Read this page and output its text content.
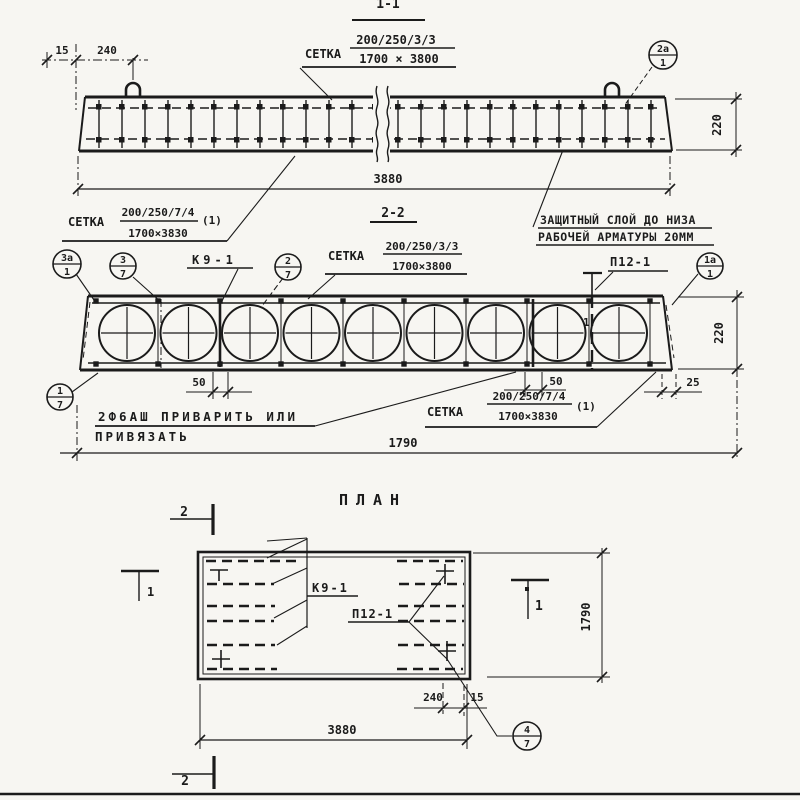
1-1
СЕТКА
200/250/3/3
1700 × 3800
15	240	2а
1
220
3880
СЕТКА
200/250/7/4
1700×3830
(1)	2-2	ЗАЩИТНЫЙ СЛОЙ ДО НИЗА
РАБОЧЕЙ АРМАТУРЫ 20ММ
3а
1
3
7
К9-1	2
7
СЕТКА
200/250/3/3
1700×3800	П12-1	1а
1
1
50	50	25
220
1
7
2Ф6АШ ПРИВАРИТЬ ИЛИ
ПРИВЯЗАТЬ
СЕТКА
200/250/7/4
1700×3830
(1)
1790
ПЛАН
2
1	К9-1
П12-1	1	1790
240 15
3880	4
7
2
